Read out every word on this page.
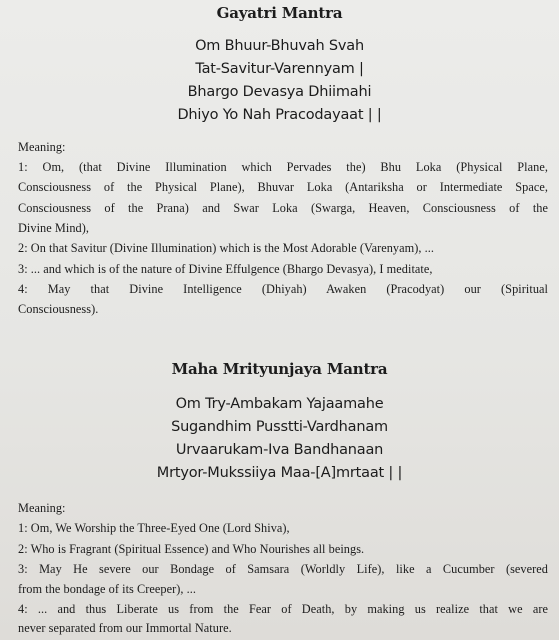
Gayatri Mantra
Om Bhuur-Bhuvah Svah
Tat-Savitur-Varennyam |
Bhargo Devasya Dhiimahi
Dhiyo Yo Nah Pracodayaat | |
Meaning:
1: Om, (that Divine Illumination which Pervades the) Bhu Loka (Physical Plane,
Consciousness of the Physical Plane), Bhuvar Loka (Antariksha or Intermediate Space,
Consciousness of the Prana) and Swar Loka (Swarga, Heaven, Consciousness of the
Divine Mind),
2: On that Savitur (Divine Illumination) which is the Most Adorable (Varenyam), ...
3: ... and which is of the nature of Divine Effulgence (Bhargo Devasya), I meditate,
4: May that Divine Intelligence (Dhiyah) Awaken (Pracodyat) our (Spiritual
Consciousness).
Maha Mrityunjaya Mantra
Om Try-Ambakam Yajaamahe
Sugandhim Pusstti-Vardhanam
Urvaarukam-Iva Bandhanaan
Mrtyor-Mukssiiya Maa-[A]mrtaat | |
Meaning:
1: Om, We Worship the Three-Eyed One (Lord Shiva),
2: Who is Fragrant (Spiritual Essence) and Who Nourishes all beings.
3: May He severe our Bondage of Samsara (Worldly Life), like a Cucumber (severed
from the bondage of its Creeper), ...
4: ... and thus Liberate us from the Fear of Death, by making us realize that we are
never separated from our Immortal Nature.
